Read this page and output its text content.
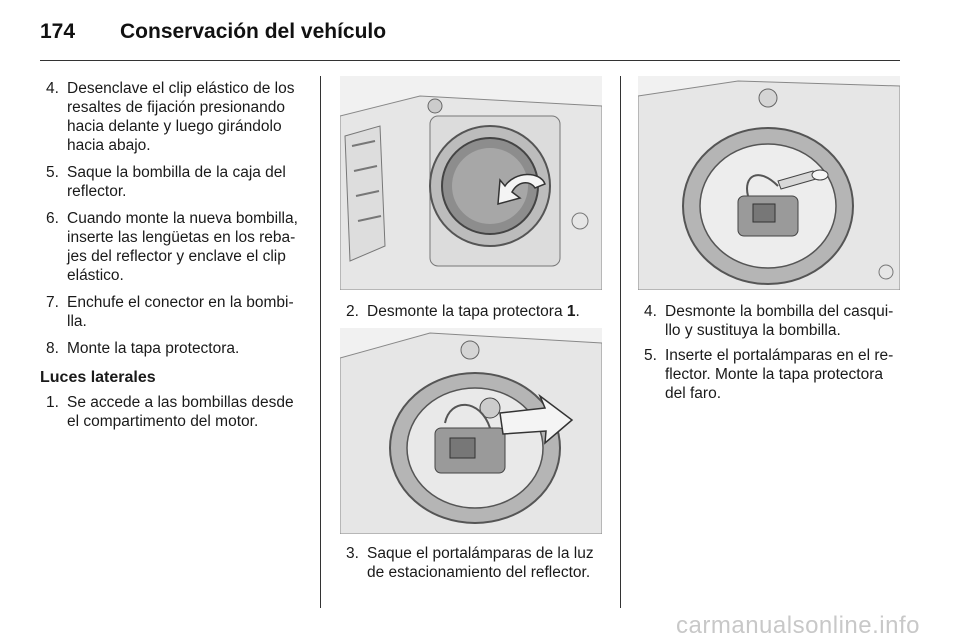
174 Conservación del vehículo
4. Desenclave el clip elástico de los resaltes de fijación presionando hacia delante y luego girándolo hacia abajo.
5. Saque la bombilla de la caja del reflector.
6. Cuando monte la nueva bombilla, inserte las lengüetas en los reba-jes del reflector y enclave el clip elástico.
7. Enchufe el conector en la bombi-lla.
8. Monte la tapa protectora.
Luces laterales
1. Se accede a las bombillas desde el compartimento del motor.
2. Desmonte la tapa protectora 1.
3. Saque el portalámparas de la luz de estacionamiento del reflector.
4. Desmonte la bombilla del casqui-llo y sustituya la bombilla.
5. Inserte el portalámparas en el re-flector. Monte la tapa protectora del faro.
carmanualsonline.info
